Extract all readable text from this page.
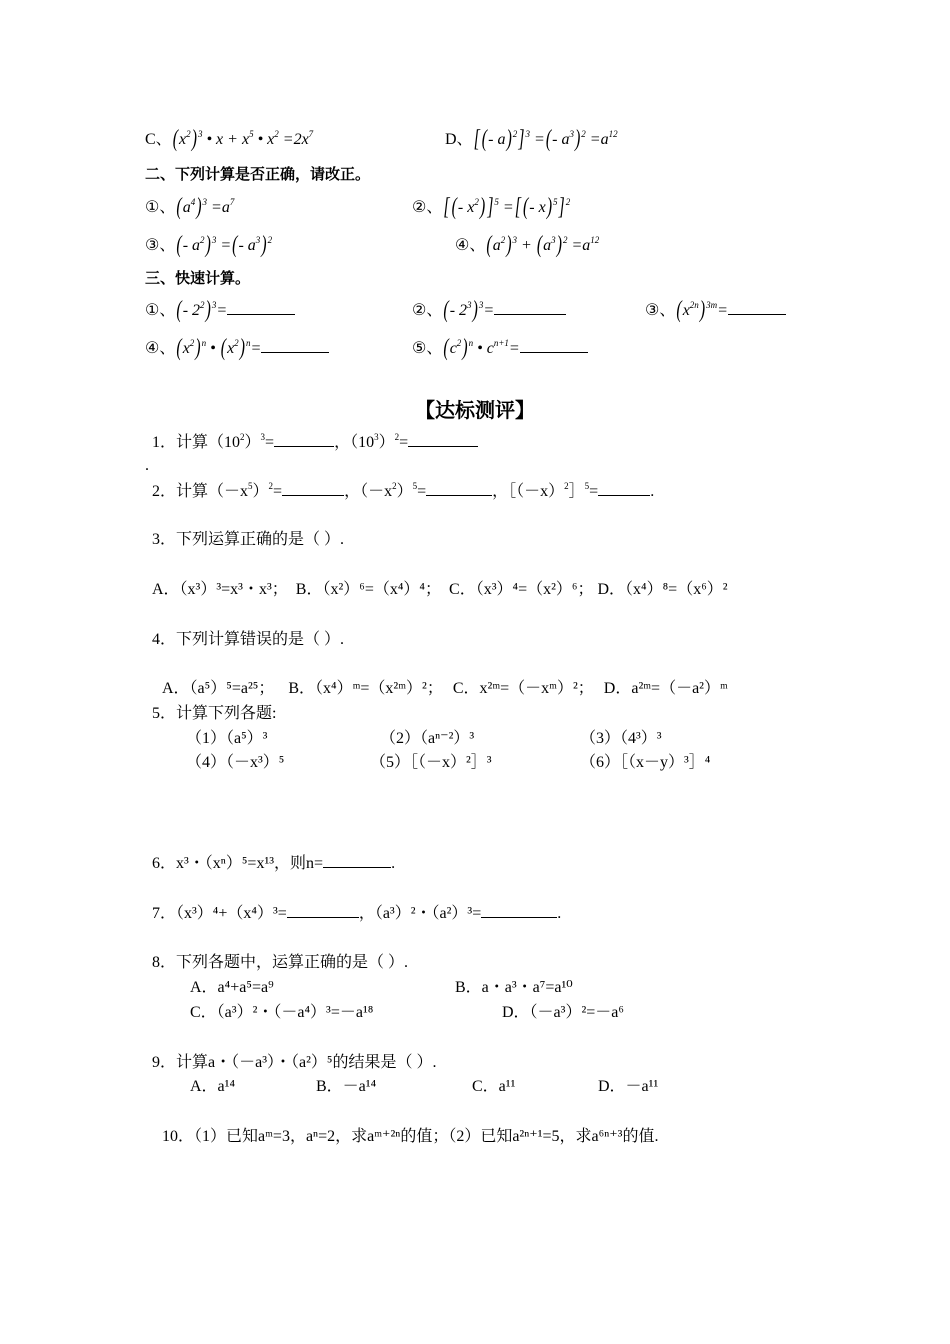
C、$(x^2)^3$ • $x + x^5$ • $x^2 =2x^7$	D、[ (- a)$^2$]$^3$ =(- $a^3)^2 =a^{12}$
二、下列计算是否正确，请改正。
①、$(a^4)^3 =a^7$	②、[ (- $x^2$) ]$^5$ =[ (- x)$^5$]$^2$
③、(- $a^2)^3$ =(- $a^3)^2$	④、$(a^2)^3 + (a^3)^2 =a^{12}$
三、快速计算。
①、(- $2^2)^3=$	②、(- $2^3)^3=$	③、$(x^{2n})^{3m}=$
④、$(x^2)^n$ • $(x^2)^n=$	⑤、$(c^2)^n$ • $c^{n+1}=$
【达标测评】
1．计算$(10^2)^3=$	，$(10^3)^2=$
.
2．计算$(-x^5)^2=$	，$(-x^2)^5=$	，$[(-x)^2]^5=$	.
3．下列运算正确的是（ ）.
A．（x³）³=x³・x³； B．（x²）⁶=（x⁴）⁴； C．（x³）⁴=（x²）⁶； D．（x⁴）⁸=（x⁶）²
4．下列计算错误的是（ ）.
A．（a⁵）⁵=a²⁵； B．（x⁴）ᵐ=（x²ᵐ）²； C．x²ᵐ=（－xᵐ）²； D．a²ᵐ=（－a²）ᵐ
5．计算下列各题:
（1）（a⁵）³	（2）（aⁿ⁻²）³	（3）（4³）³
（4）（－x³）⁵	（5）［（－x）²］³	（6）［（x－y）³］⁴
6．x³・（xⁿ）⁵=x¹³，则n=	.
7．（x³）⁴+（x⁴）³=	，（a³）²・（a²）³=	.
8．下列各题中，运算正确的是（ ）.
A．a⁴+a⁵=a⁹	B．a・a³・a⁷=a¹⁰
C．（a³）²・（－a⁴）³=－a¹⁸	D．（－a³）²=－a⁶
9．计算a・（－a³）・（a²）⁵的结果是（ ）.
A．a¹⁴	B．－a¹⁴	C．a¹¹	D．－a¹¹
10．（1）已知aᵐ=3，aⁿ=2，求aᵐ⁺²ⁿ的值；（2）已知a²ⁿ⁺¹=5，求a⁶ⁿ⁺³的值.
